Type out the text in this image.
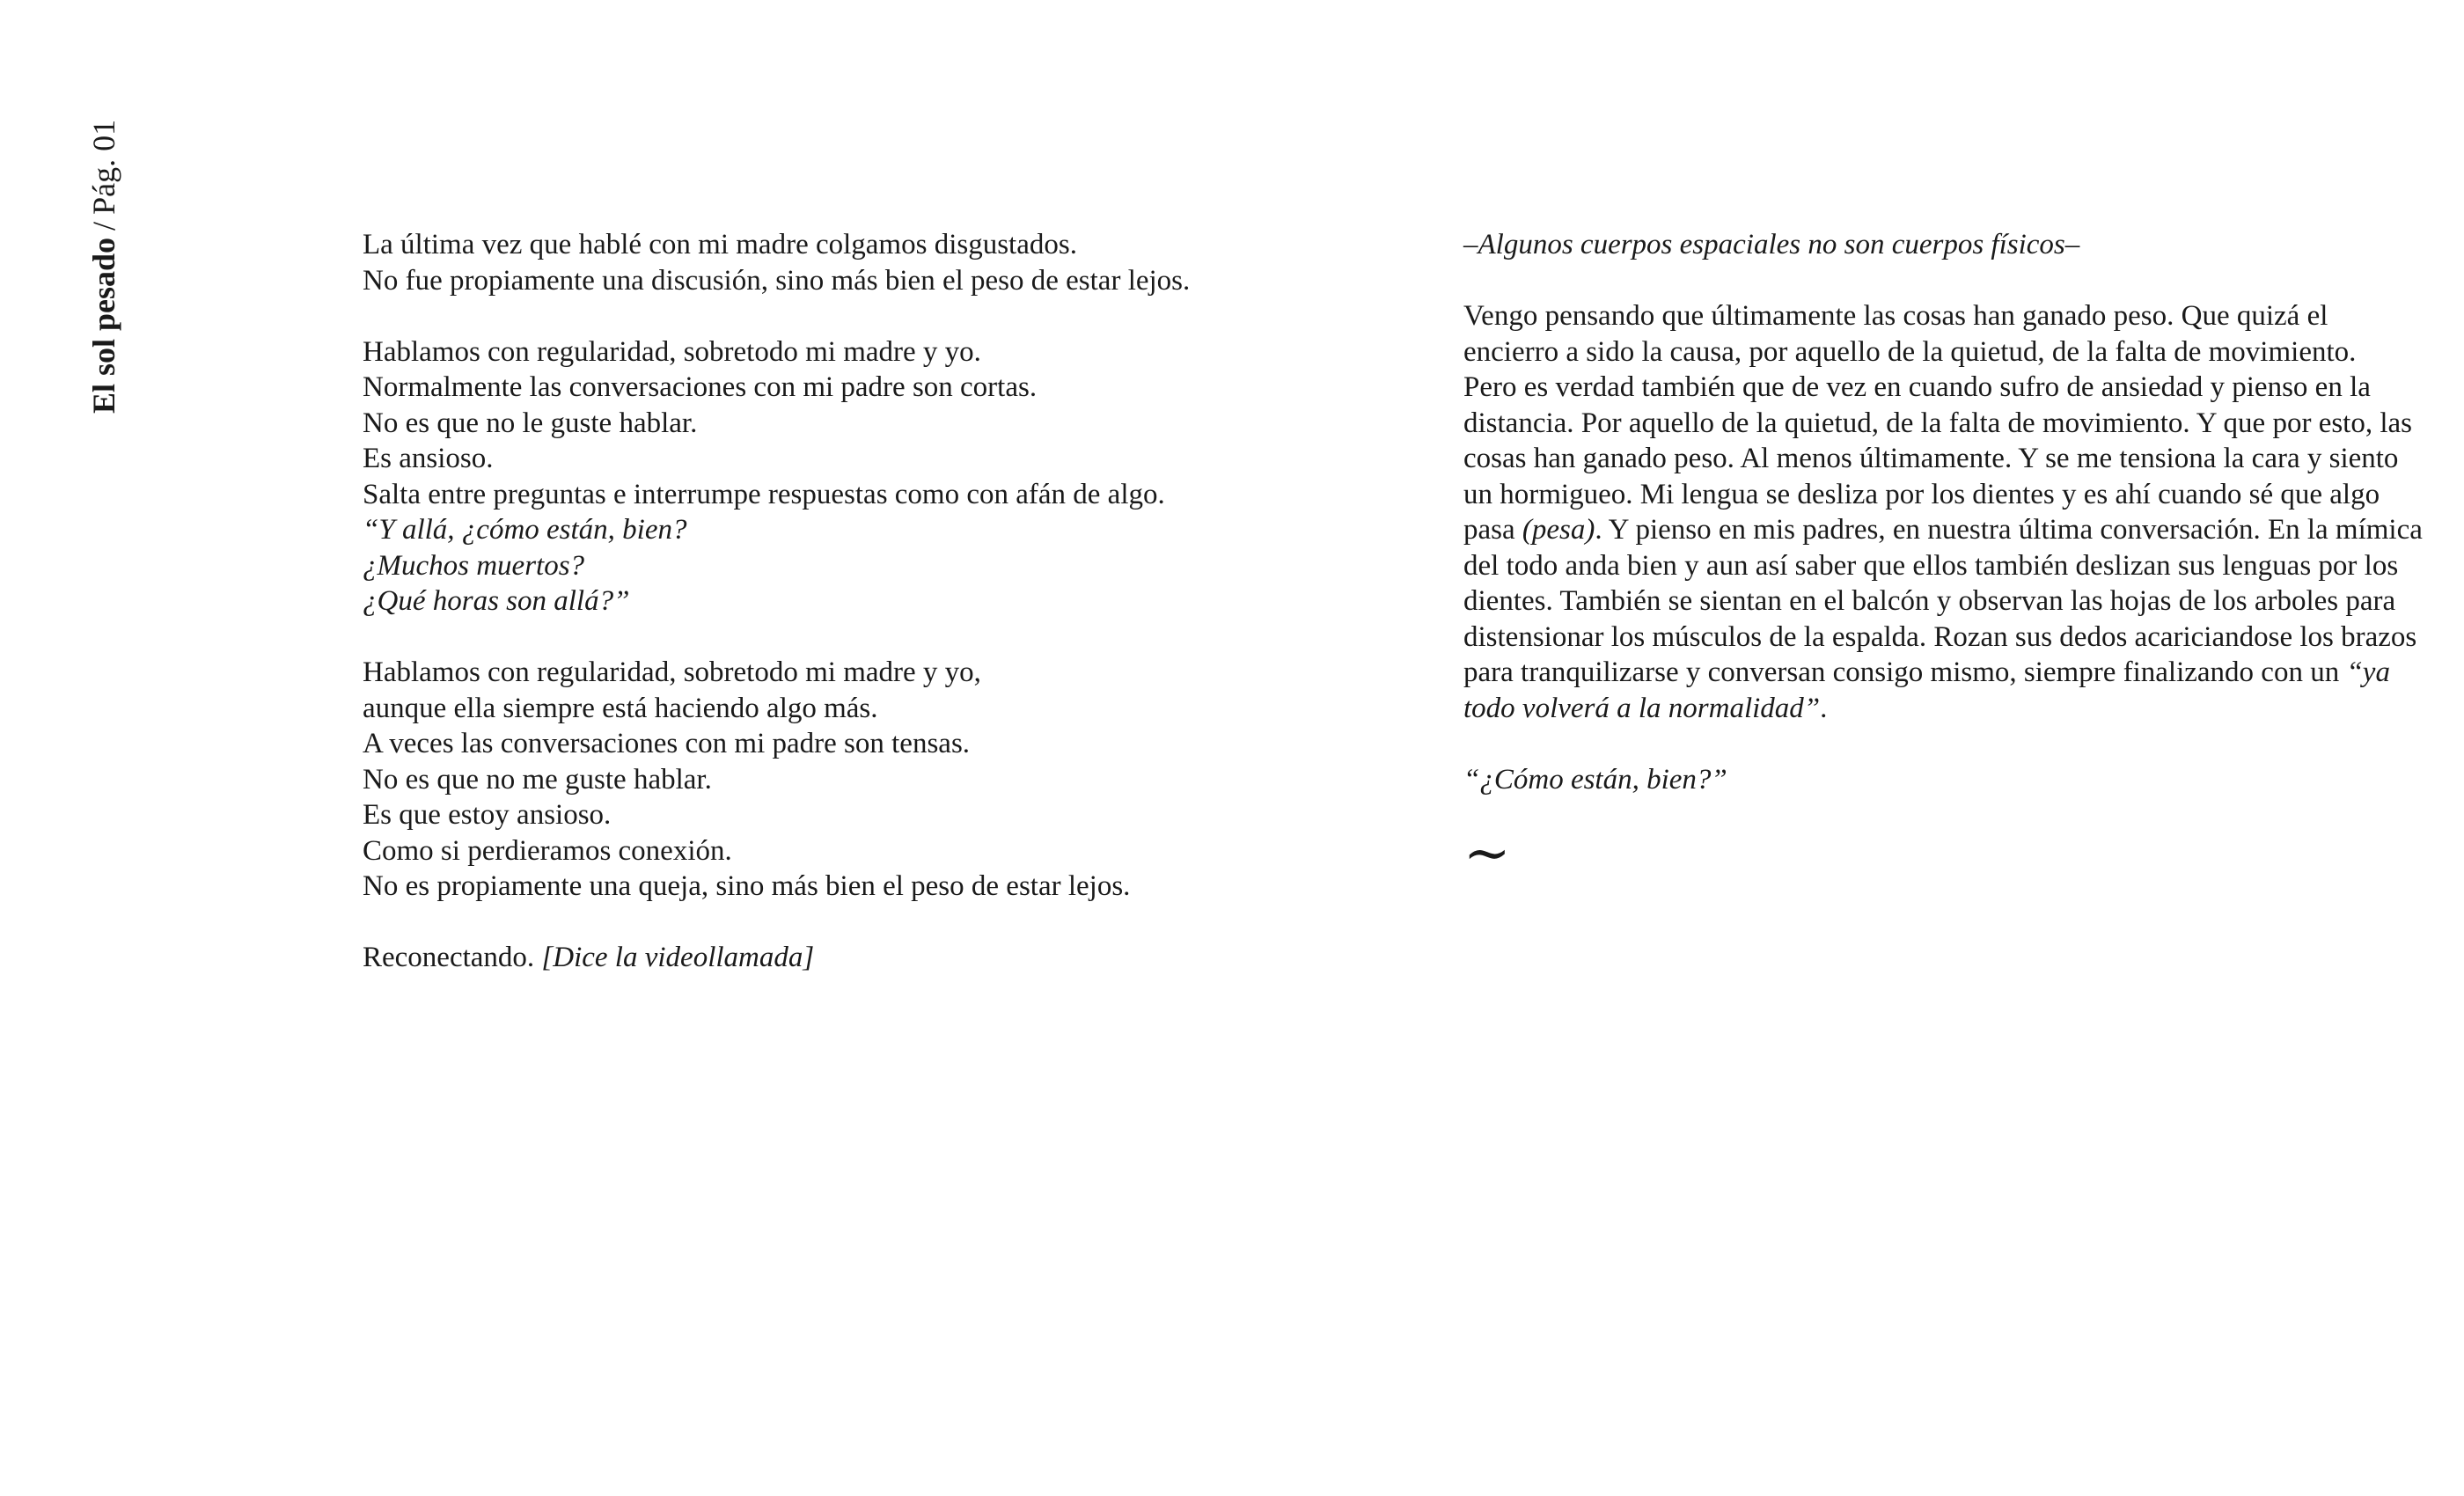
El sol pesado/Pág. 01
La última vez que hablé con mi madre colgamos disgustados.
No fue propiamente una discusión, sino más bien el peso de estar lejos.
Hablamos con regularidad, sobretodo mi madre y yo.
Normalmente las conversaciones con mi padre son cortas.
No es que no le guste hablar.
Es ansioso.
Salta entre preguntas e interrumpe respuestas como con afán de algo.
“Y allá, ¿cómo están, bien?
¿Muchos muertos?
¿Qué horas son allá?”
Hablamos con regularidad, sobretodo mi madre y yo,
aunque ella siempre está haciendo algo más.
A veces las conversaciones con mi padre son tensas.
No es que no me guste hablar.
Es que estoy ansioso.
Como si perdieramos conexión.
No es propiamente una queja, sino más bien el peso de estar lejos.
Reconectando. [Dice la videollamada]
–Algunos cuerpos espaciales no son cuerpos físicos–
Vengo pensando que últimamente las cosas han ganado peso. Que quizá el
encierro a sido la causa, por aquello de la quietud, de la falta de movimiento.
Pero es verdad también que de vez en cuando sufro de ansiedad y pienso en la
distancia. Por aquello de la quietud, de la falta de movimiento. Y que por esto, las
cosas han ganado peso. Al menos últimamente. Y se me tensiona la cara y siento
un hormigueo. Mi lengua se desliza por los dientes y es ahí cuando sé que algo
pasa (pesa). Y pienso en mis padres, en nuestra última conversación. En la mímica
del todo anda bien y aun así saber que ellos también deslizan sus lenguas por los
dientes. También se sientan en el balcón y observan las hojas de los arboles para
distensionar los músculos de la espalda. Rozan sus dedos acariciandose los brazos
para tranquilizarse y conversan consigo mismo, siempre finalizando con un “ya
todo volverá a la normalidad”.
“¿Cómo están, bien?”
∼
